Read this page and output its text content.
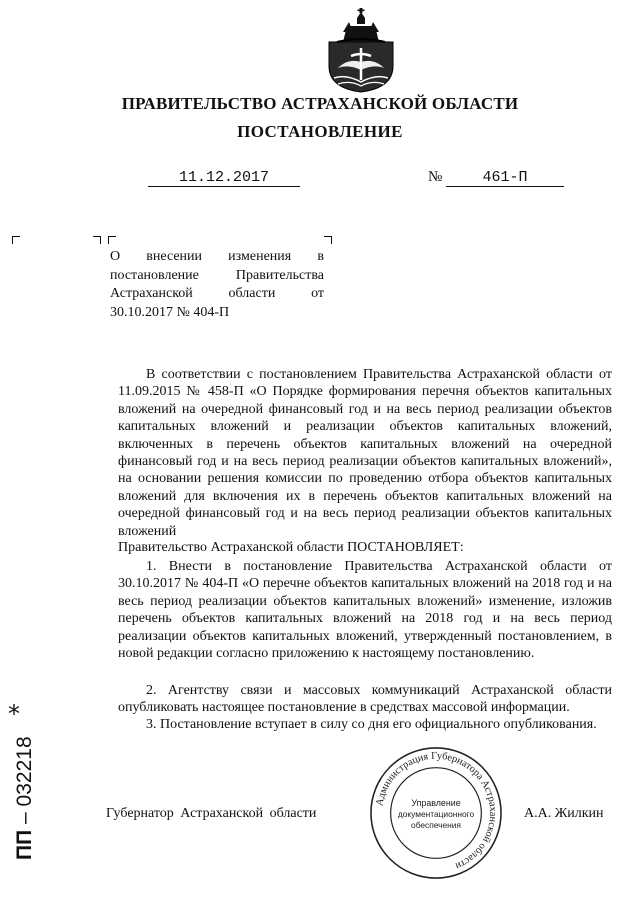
ПРАВИТЕЛЬСТВО АСТРАХАНСКОЙ ОБЛАСТИ
ПОСТАНОВЛЕНИЕ
11.12.2017	№	461-П
О внесении изменения в постановление Правительства Астраханской области от 30.10.2017 № 404-П
В соответствии с постановлением Правительства Астраханской области от 11.09.2015 № 458-П «О Порядке формирования перечня объектов капитальных вложений на очередной финансовый год и на весь период реализации объектов капитальных вложений и реализации объектов капитальных вложений, включенных в перечень объектов капитальных вложений на очередной финансовый год и на весь период реализации объектов капитальных вложений», на основании решения комиссии по проведению отбора объектов капитальных вложений для включения их в перечень объектов капитальных вложений на очередной финансовый год и на весь период реализации объектов капитальных вложений
Правительство Астраханской области ПОСТАНОВЛЯЕТ:
1. Внести в постановление Правительства Астраханской области от 30.10.2017 № 404-П «О перечне объектов капитальных вложений на 2018 год и на весь период реализации объектов капитальных вложений» изменение, изложив перечень объектов капитальных вложений на 2018 год и на весь период реализации объектов капитальных вложений, утвержденный постановлением, в новой редакции согласно приложению к настоящему постановлению.
2. Агентству связи и массовых коммуникаций Астраханской области опубликовать настоящее постановление в средствах массовой информации.
3. Постановление вступает в силу со дня его официального опубликования.
Губернатор Астраханской области	А.А. Жилкин
Администрация Губернатора Астраханской области
Управление
документационного
обеспечения
*
ПП – 032218
